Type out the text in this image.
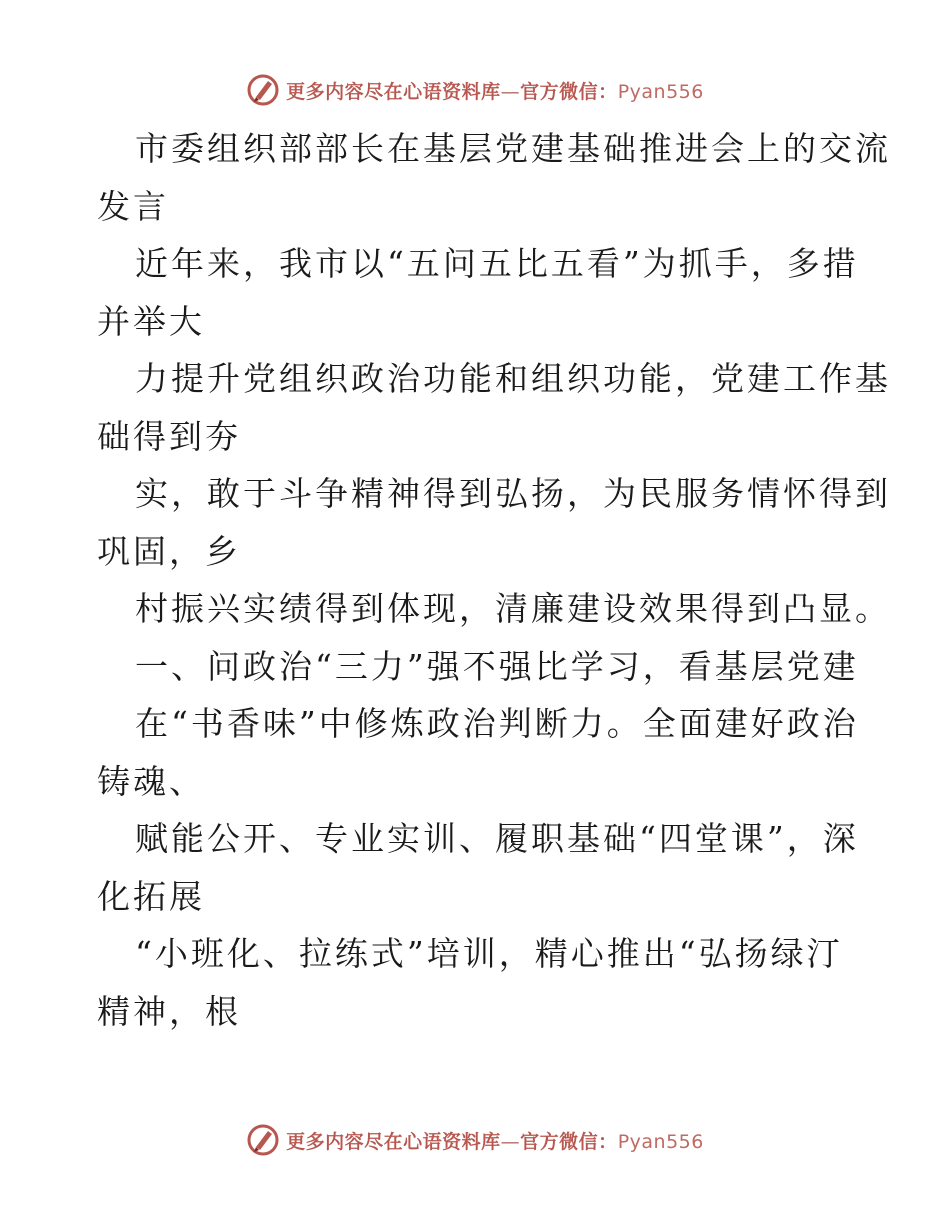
更多内容尽在心语资料库—官方微信：Pyan556
市委组织部部长在基层党建基础推进会上的交流
发言
近年来，我市以“五问五比五看”为抓手，多措
并举大
力提升党组织政治功能和组织功能，党建工作基
础得到夯
实，敢于斗争精神得到弘扬，为民服务情怀得到
巩固，乡
村振兴实绩得到体现，清廉建设效果得到凸显。
一、问政治“三力”强不强比学习，看基层党建
在“书香味”中修炼政治判断力。全面建好政治
铸魂、
赋能公开、专业实训、履职基础“四堂课”，深
化拓展
“小班化、拉练式”培训，精心推出“弘扬绿汀
精神，根
更多内容尽在心语资料库—官方微信：Pyan556
